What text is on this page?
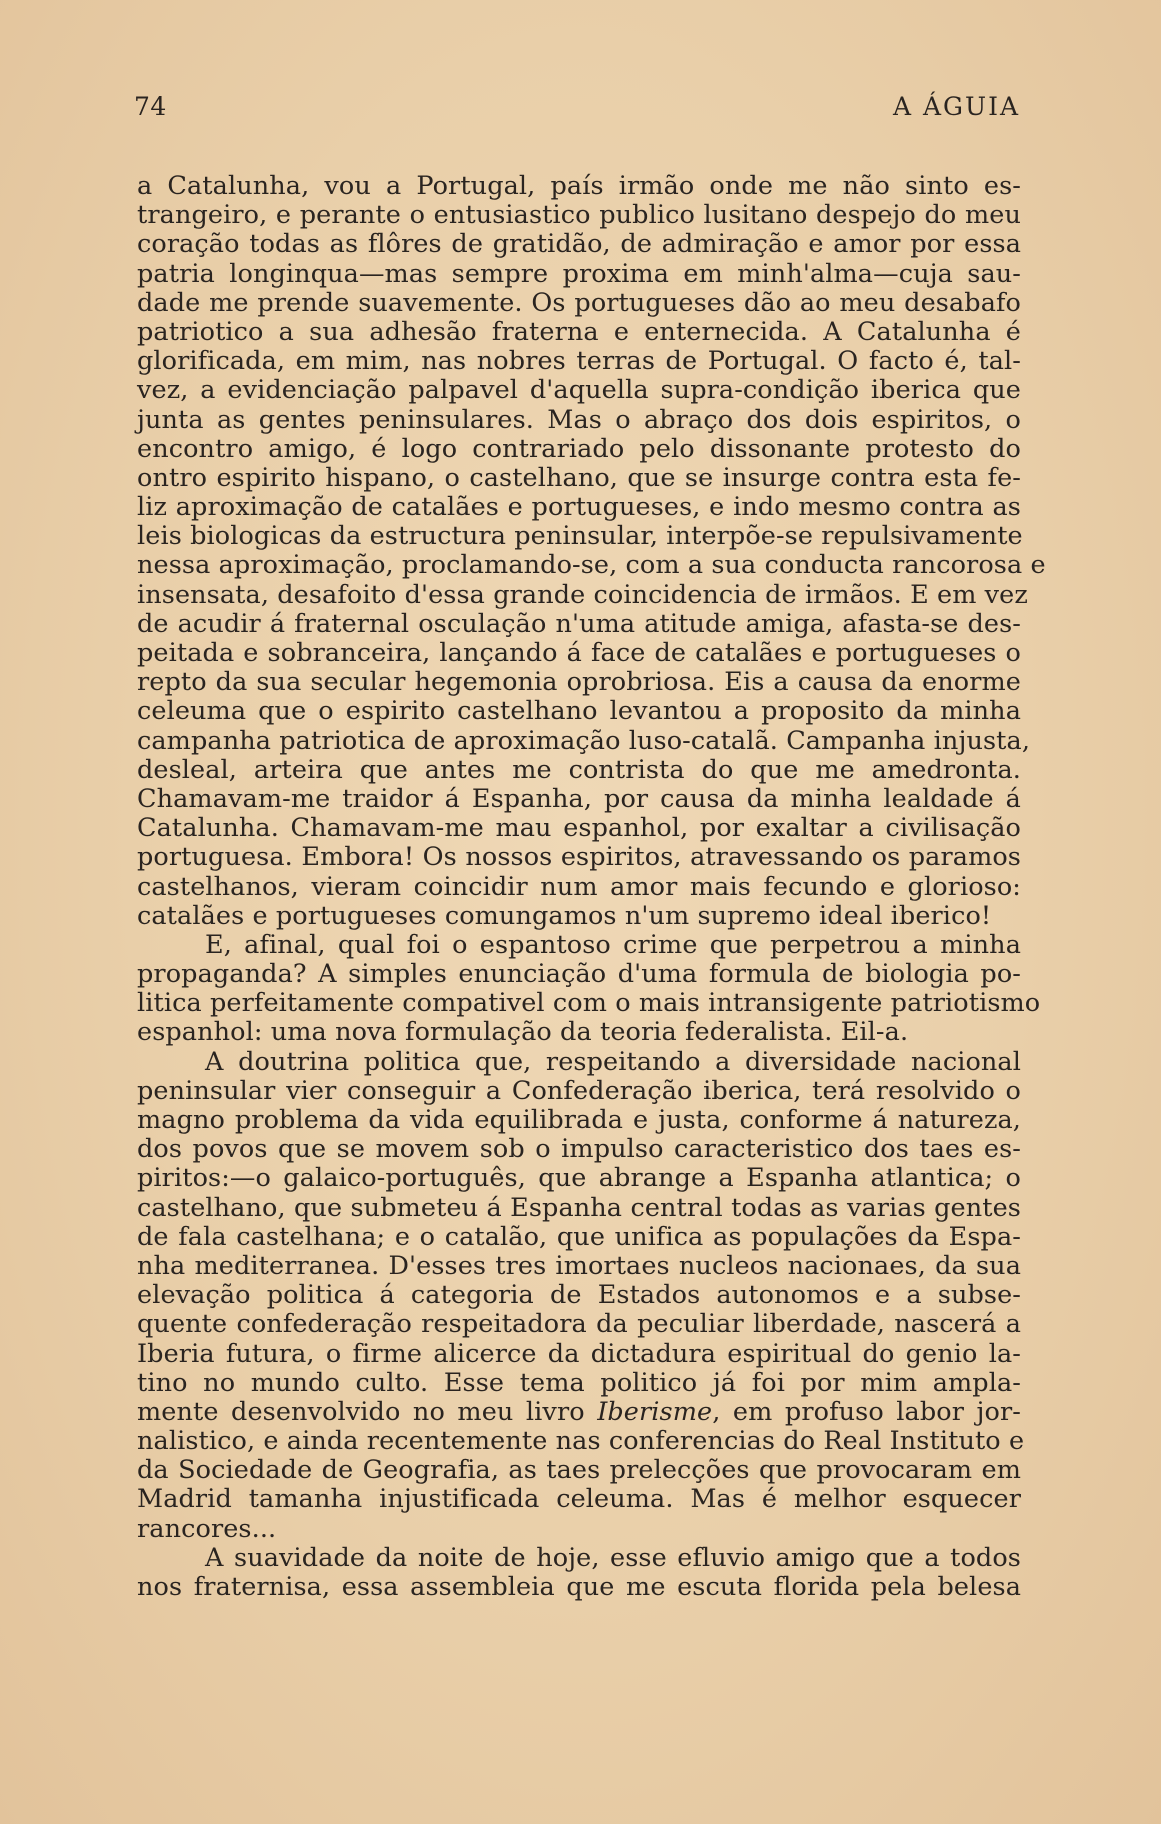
74	A ÁGUIA
a Catalunha, vou a Portugal, país irmão onde me não sinto es-
trangeiro, e perante o entusiastico publico lusitano despejo do meu
coração todas as flôres de gratidão, de admiração e amor por essa
patria longinqua—mas sempre proxima em minh'alma—cuja sau-
dade me prende suavemente. Os portugueses dão ao meu desabafo
patriotico a sua adhesão fraterna e enternecida. A Catalunha é
glorificada, em mim, nas nobres terras de Portugal. O facto é, tal-
vez, a evidenciação palpavel d'aquella supra-condição iberica que
junta as gentes peninsulares. Mas o abraço dos dois espiritos, o
encontro amigo, é logo contrariado pelo dissonante protesto do
ontro espirito hispano, o castelhano, que se insurge contra esta fe-
liz aproximação de catalães e portugueses, e indo mesmo contra as
leis biologicas da estructura peninsular, interpõe-se repulsivamente
nessa aproximação, proclamando-se, com a sua conducta rancorosa e
insensata, desafoito d'essa grande coincidencia de irmãos. E em vez
de acudir á fraternal osculação n'uma atitude amiga, afasta-se des-
peitada e sobranceira, lançando á face de catalães e portugueses o
repto da sua secular hegemonia oprobriosa. Eis a causa da enorme
celeuma que o espirito castelhano levantou a proposito da minha
campanha patriotica de aproximação luso-catalã. Campanha injusta,
desleal, arteira que antes me contrista do que me amedronta.
Chamavam-me traidor á Espanha, por causa da minha lealdade á
Catalunha. Chamavam-me mau espanhol, por exaltar a civilisação
portuguesa. Embora! Os nossos espiritos, atravessando os paramos
castelhanos, vieram coincidir num amor mais fecundo e glorioso:
catalães e portugueses comungamos n'um supremo ideal iberico!
E, afinal, qual foi o espantoso crime que perpetrou a minha
propaganda? A simples enunciação d'uma formula de biologia po-
litica perfeitamente compativel com o mais intransigente patriotismo
espanhol: uma nova formulação da teoria federalista. Eil-a.
A doutrina politica que, respeitando a diversidade nacional
peninsular vier conseguir a Confederação iberica, terá resolvido o
magno problema da vida equilibrada e justa, conforme á natureza,
dos povos que se movem sob o impulso caracteristico dos taes es-
piritos:—o galaico-português, que abrange a Espanha atlantica; o
castelhano, que submeteu á Espanha central todas as varias gentes
de fala castelhana; e o catalão, que unifica as populações da Espa-
nha mediterranea. D'esses tres imortaes nucleos nacionaes, da sua
elevação politica á categoria de Estados autonomos e a subse-
quente confederação respeitadora da peculiar liberdade, nascerá a
Iberia futura, o firme alicerce da dictadura espiritual do genio la-
tino no mundo culto. Esse tema politico já foi por mim ampla-
mente desenvolvido no meu livro Iberisme, em profuso labor jor-
nalistico, e ainda recentemente nas conferencias do Real Instituto e
da Sociedade de Geografia, as taes prelecções que provocaram em
Madrid tamanha injustificada celeuma. Mas é melhor esquecer
rancores...
A suavidade da noite de hoje, esse efluvio amigo que a todos
nos fraternisa, essa assembleia que me escuta florida pela belesa
